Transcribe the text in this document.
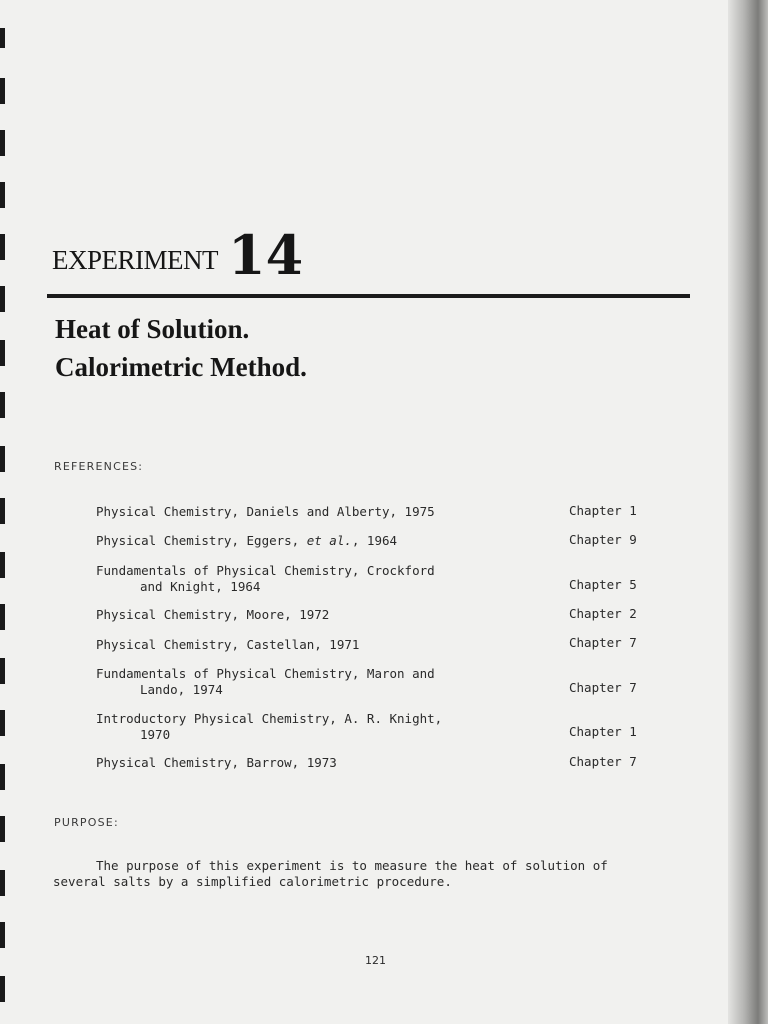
EXPERIMENT 14
Heat of Solution.
Calorimetric Method.
REFERENCES:
Physical Chemistry, Daniels and Alberty, 1975	Chapter 1
Physical Chemistry, Eggers, et al., 1964	Chapter 9
Fundamentals of Physical Chemistry, Crockford
and Knight, 1964	Chapter 5
Physical Chemistry, Moore, 1972	Chapter 2
Physical Chemistry, Castellan, 1971	Chapter 7
Fundamentals of Physical Chemistry, Maron and
Lando, 1974	Chapter 7
Introductory Physical Chemistry, A. R. Knight,
1970	Chapter 1
Physical Chemistry, Barrow, 1973	Chapter 7
PURPOSE:
The purpose of this experiment is to measure the heat of solution of
several salts by a simplified calorimetric procedure.
121
